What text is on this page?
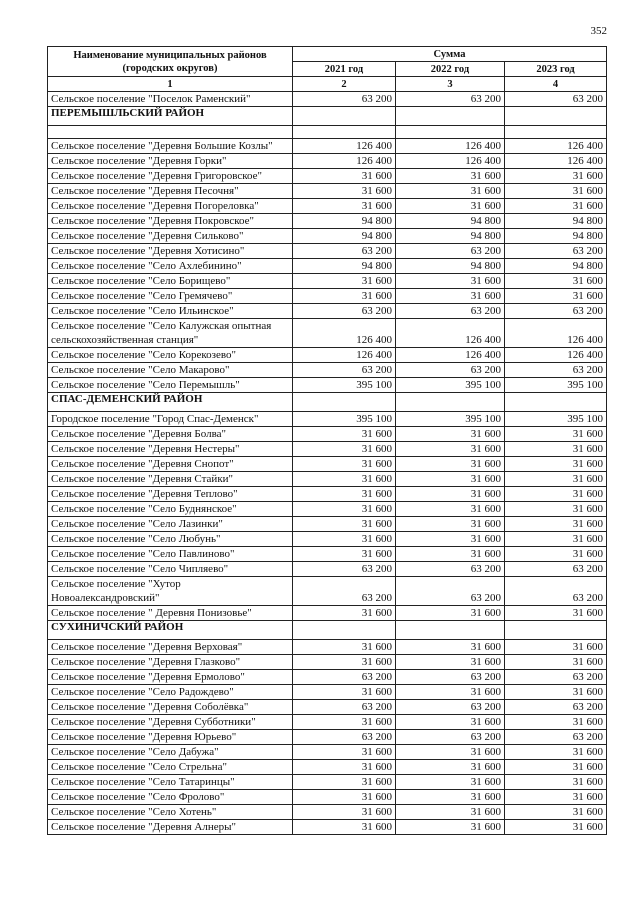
352
Наименование муниципальных районов (городских округов)	Сумма		
	2021 год	2022 год	2023 год
1	2	3	4
Сельское поселение "Поселок Раменский"	63 200	63 200	63 200
ПЕРЕМЫШЛЬСКИЙ РАЙОН			

Сельское поселение "Деревня Большие Козлы"	126 400	126 400	126 400
Сельское поселение "Деревня Горки"	126 400	126 400	126 400
Сельское поселение "Деревня Григоровское"	31 600	31 600	31 600
Сельское поселение "Деревня Песочня"	31 600	31 600	31 600
Сельское поселение "Деревня Погореловка"	31 600	31 600	31 600
Сельское поселение "Деревня Покровское"	94 800	94 800	94 800
Сельское поселение "Деревня Сильково"	94 800	94 800	94 800
Сельское поселение "Деревня Хотисино"	63 200	63 200	63 200
Сельское поселение "Село Ахлебинино"	94 800	94 800	94 800
Сельское поселение "Село Борищево"	31 600	31 600	31 600
Сельское поселение "Село Гремячево"	31 600	31 600	31 600
Сельское поселение "Село Ильинское"	63 200	63 200	63 200
Сельское поселение "Село Калужская опытная сельскохозяйственная станция"	126 400	126 400	126 400
Сельское поселение "Село Корекозево"	126 400	126 400	126 400
Сельское поселение "Село Макарово"	63 200	63 200	63 200
Сельское поселение "Село Перемышль"	395 100	395 100	395 100
СПАС-ДЕМЕНСКИЙ РАЙОН			
Городское поселение "Город Спас-Деменск"	395 100	395 100	395 100
Сельское поселение "Деревня Болва"	31 600	31 600	31 600
Сельское поселение "Деревня Нестеры"	31 600	31 600	31 600
Сельское поселение "Деревня Снопот"	31 600	31 600	31 600
Сельское поселение "Деревня Стайки"	31 600	31 600	31 600
Сельское поселение "Деревня Теплово"	31 600	31 600	31 600
Сельское поселение "Село Буднянское"	31 600	31 600	31 600
Сельское поселение "Село Лазинки"	31 600	31 600	31 600
Сельское поселение "Село Любунь"	31 600	31 600	31 600
Сельское поселение "Село Павлиново"	31 600	31 600	31 600
Сельское поселение "Село Чипляево"	63 200	63 200	63 200
Сельское поселение "Хутор Новоалександровский"	63 200	63 200	63 200
Сельское поселение " Деревня Понизовье"	31 600	31 600	31 600
СУХИНИЧСКИЙ РАЙОН			
Сельское поселение "Деревня Верховая"	31 600	31 600	31 600
Сельское поселение "Деревня Глазково"	31 600	31 600	31 600
Сельское поселение "Деревня Ермолово"	63 200	63 200	63 200
Сельское поселение "Село Радождево"	31 600	31 600	31 600
Сельское поселение "Деревня Соболёвка"	63 200	63 200	63 200
Сельское поселение "Деревня Субботники"	31 600	31 600	31 600
Сельское поселение "Деревня Юрьево"	63 200	63 200	63 200
Сельское поселение "Село Дабужа"	31 600	31 600	31 600
Сельское поселение "Село Стрельна"	31 600	31 600	31 600
Сельское поселение "Село Татаринцы"	31 600	31 600	31 600
Сельское поселение "Село Фролово"	31 600	31 600	31 600
Сельское поселение "Село Хотень"	31 600	31 600	31 600
Сельское поселение "Деревня Алнеры"	31 600	31 600	31 600
